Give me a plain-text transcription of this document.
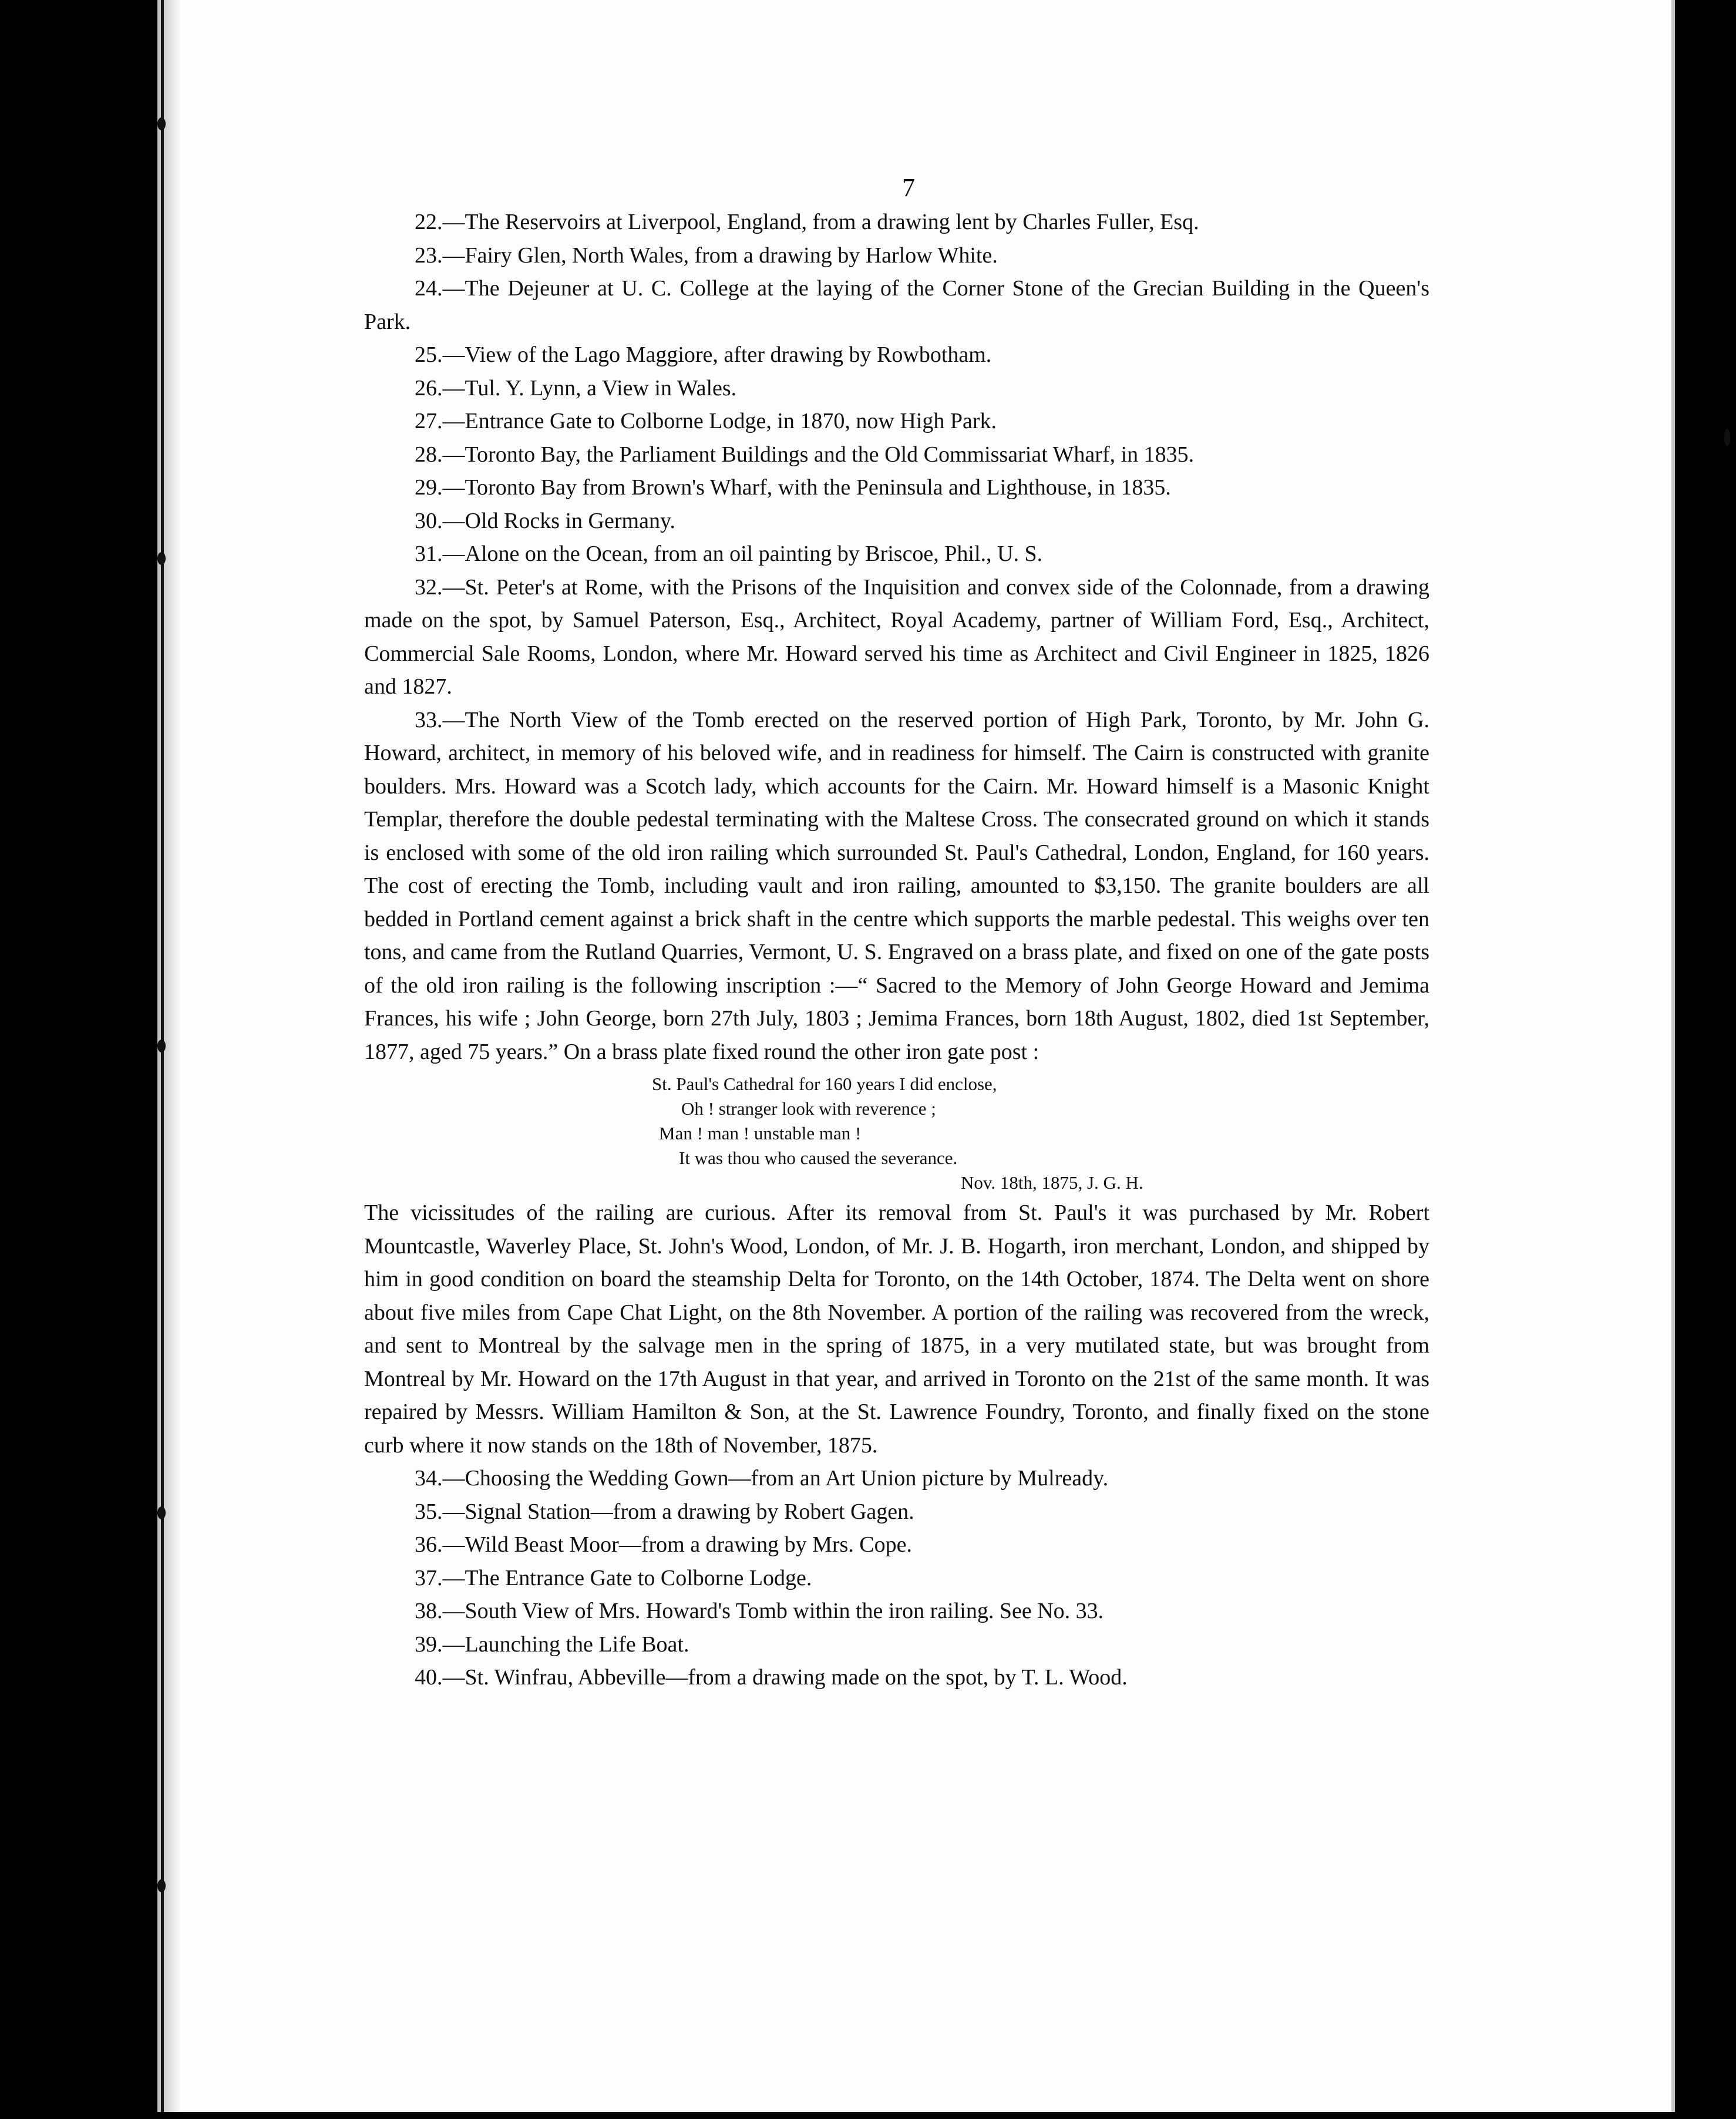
7

22.—The Reservoirs at Liverpool, England, from a drawing lent by Charles Fuller, Esq.

23.—Fairy Glen, North Wales, from a drawing by Harlow White.

24.—The Dejeuner at U. C. College at the laying of the Corner Stone of the Grecian Building in the Queen's Park.

25.—View of the Lago Maggiore, after drawing by Rowbotham.

26.—Tul. Y. Lynn, a View in Wales.

27.—Entrance Gate to Colborne Lodge, in 1870, now High Park.

28.—Toronto Bay, the Parliament Buildings and the Old Commissariat Wharf, in 1835.

29.—Toronto Bay from Brown's Wharf, with the Peninsula and Lighthouse, in 1835.

30.—Old Rocks in Germany.

31.—Alone on the Ocean, from an oil painting by Briscoe, Phil., U. S.

32.—St. Peter's at Rome, with the Prisons of the Inquisition and convex side of the Colonnade, from a drawing made on the spot, by Samuel Paterson, Esq., Architect, Royal Academy, partner of William Ford, Esq., Architect, Commercial Sale Rooms, London, where Mr. Howard served his time as Architect and Civil Engineer in 1825, 1826 and 1827.

33.—The North View of the Tomb erected on the reserved portion of High Park, Toronto, by Mr. John G. Howard, architect, in memory of his beloved wife, and in readiness for himself. The Cairn is constructed with granite boulders. Mrs. Howard was a Scotch lady, which accounts for the Cairn. Mr. Howard himself is a Masonic Knight Templar, therefore the double pedestal terminating with the Maltese Cross. The consecrated ground on which it stands is enclosed with some of the old iron railing which surrounded St. Paul's Cathedral, London, England, for 160 years. The cost of erecting the Tomb, including vault and iron railing, amounted to $3,150. The granite boulders are all bedded in Portland cement against a brick shaft in the centre which supports the marble pedestal. This weighs over ten tons, and came from the Rutland Quarries, Vermont, U. S. Engraved on a brass plate, and fixed on one of the gate posts of the old iron railing is the following inscription :—“ Sacred to the Memory of John George Howard and Jemima Frances, his wife ; John George, born 27th July, 1803 ; Jemima Frances, born 18th August, 1802, died 1st September, 1877, aged 75 years.” On a brass plate fixed round the other iron gate post :

St. Paul's Cathedral for 160 years I did enclose,
Oh ! stranger look with reverence ;
Man ! man ! unstable man !
It was thou who caused the severance.
Nov. 18th, 1875, J. G. H.

The vicissitudes of the railing are curious. After its removal from St. Paul's it was purchased by Mr. Robert Mountcastle, Waverley Place, St. John's Wood, London, of Mr. J. B. Hogarth, iron merchant, London, and shipped by him in good condition on board the steamship Delta for Toronto, on the 14th October, 1874. The Delta went on shore about five miles from Cape Chat Light, on the 8th November. A portion of the railing was recovered from the wreck, and sent to Montreal by the salvage men in the spring of 1875, in a very mutilated state, but was brought from Montreal by Mr. Howard on the 17th August in that year, and arrived in Toronto on the 21st of the same month. It was repaired by Messrs. William Hamilton & Son, at the St. Lawrence Foundry, Toronto, and finally fixed on the stone curb where it now stands on the 18th of November, 1875.

34.—Choosing the Wedding Gown—from an Art Union picture by Mulready.

35.—Signal Station—from a drawing by Robert Gagen.

36.—Wild Beast Moor—from a drawing by Mrs. Cope.

37.—The Entrance Gate to Colborne Lodge.

38.—South View of Mrs. Howard's Tomb within the iron railing. See No. 33.

39.—Launching the Life Boat.

40.—St. Winfrau, Abbeville—from a drawing made on the spot, by T. L. Wood.
